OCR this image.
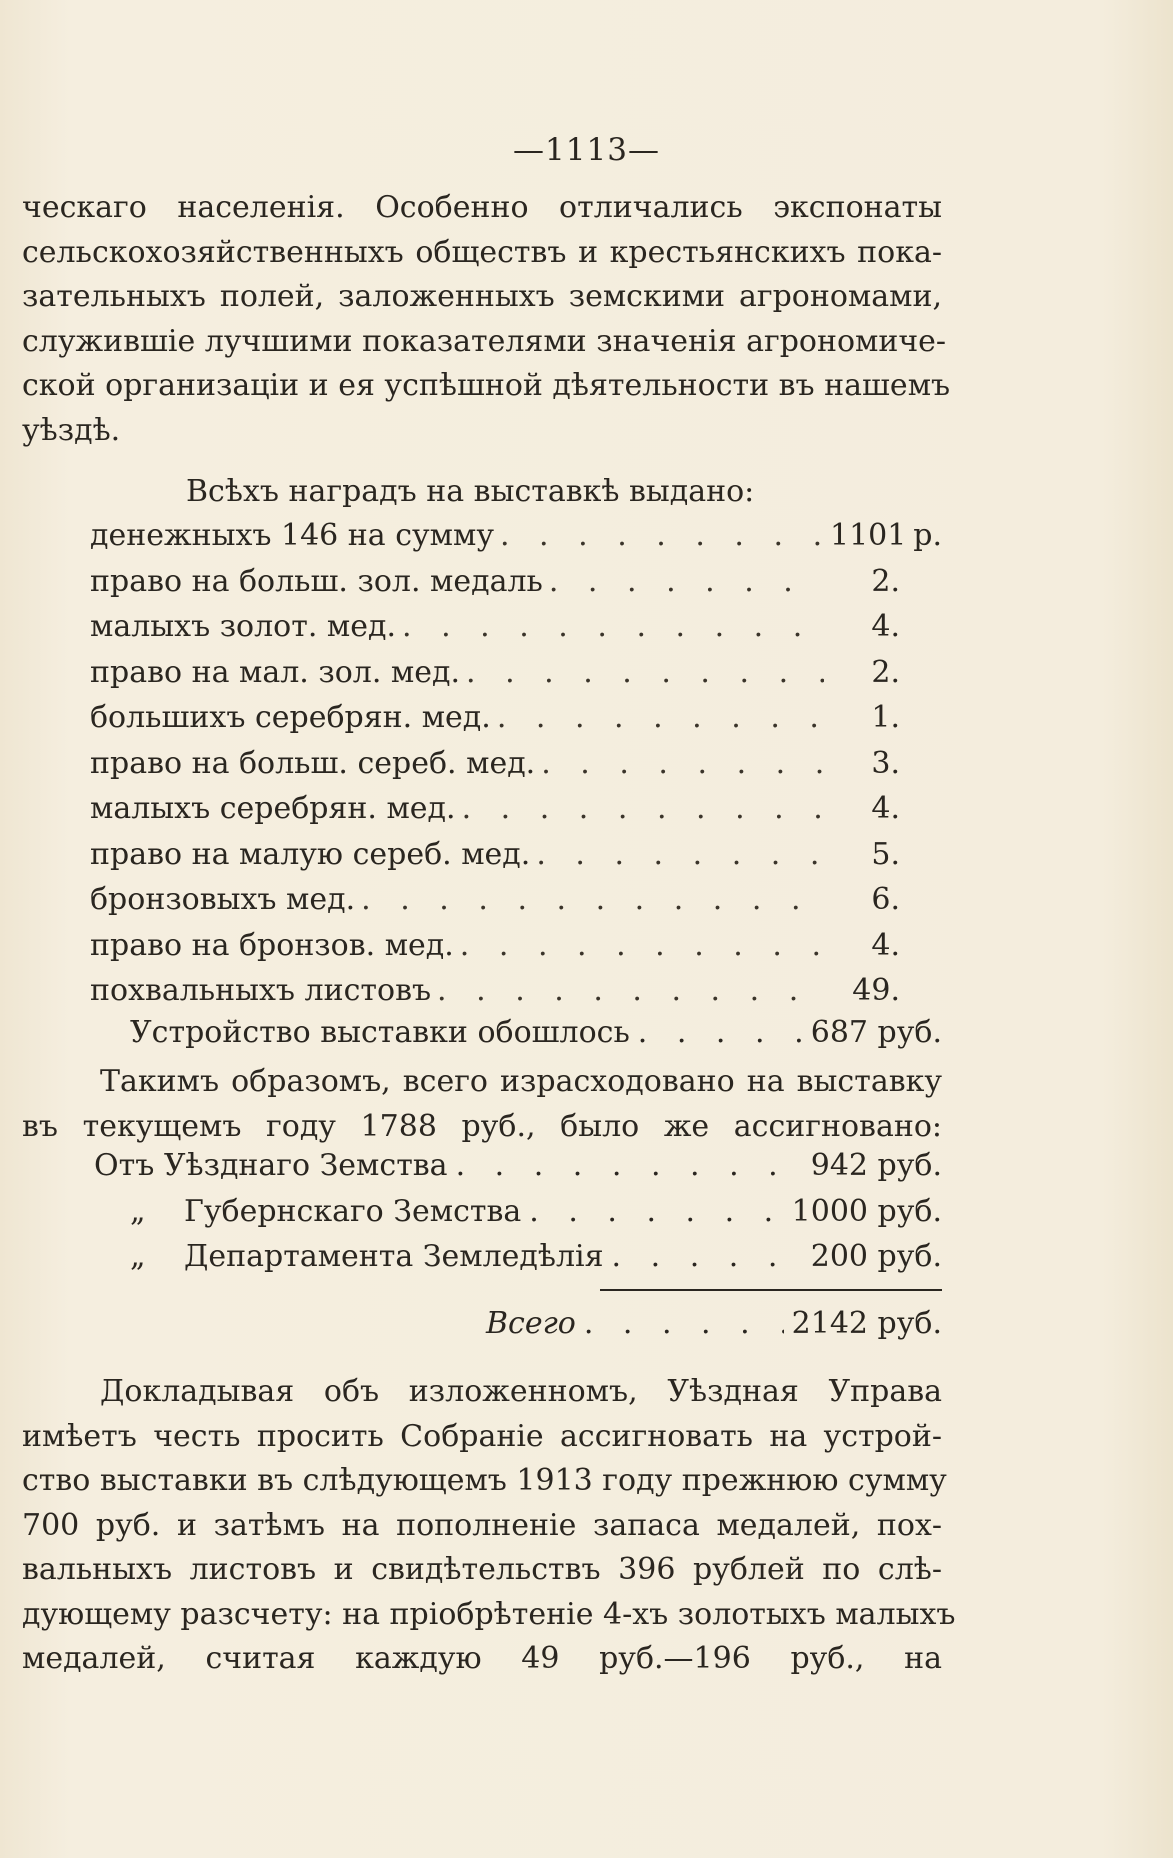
—1113—
ческаго населенія. Особенно отличались экспонаты
сельскохозяйственныхъ обществъ и крестьянскихъ пока-
зательныхъ полей, заложенныхъ земскими агрономами,
служившіе лучшими показателями значенія агрономиче-
ской организаціи и ея успѣшной дѣятельности въ нашемъ
уѣздѣ.
Всѣхъ наградъ на выставкѣ выдано:
денежныхъ 146 на сумму . . .	1101 р.
право на больш. зол. медаль . . .	2.
малыхъ золот. мед. . . .	4.
право на мал. зол. мед. . . .	2.
большихъ серебрян. мед. . . .	1.
право на больш. сереб. мед. . . .	3.
малыхъ серебрян. мед. . . .	4.
право на малую сереб. мед. . . .	5.
бронзовыхъ мед. . . .	6.
право на бронзов. мед. . . .	4.
похвальныхъ листовъ . . .	49.
Устройство выставки обошлось . . .	687 руб.
Такимъ образомъ, всего израсходовано на выставку
въ текущемъ году 1788 руб., было же ассигновано:
Отъ Уѣзднаго Земства . . .	942 руб.
„	Губернскаго Земства . . .	1000 руб.
„	Департамента Земледѣлія . . .	200 руб.
Всего . . .	2142 руб.
Докладывая объ изложенномъ, Уѣздная Управа
имѣетъ честь просить Собраніе ассигновать на устрой-
ство выставки въ слѣдующемъ 1913 году прежнюю сумму
700 руб. и затѣмъ на пополненіе запаса медалей, пох-
вальныхъ листовъ и свидѣтельствъ 396 рублей по слѣ-
дующему разсчету: на пріобрѣтеніе 4-хъ золотыхъ малыхъ
медалей, считая каждую 49 руб.—196 руб., на
